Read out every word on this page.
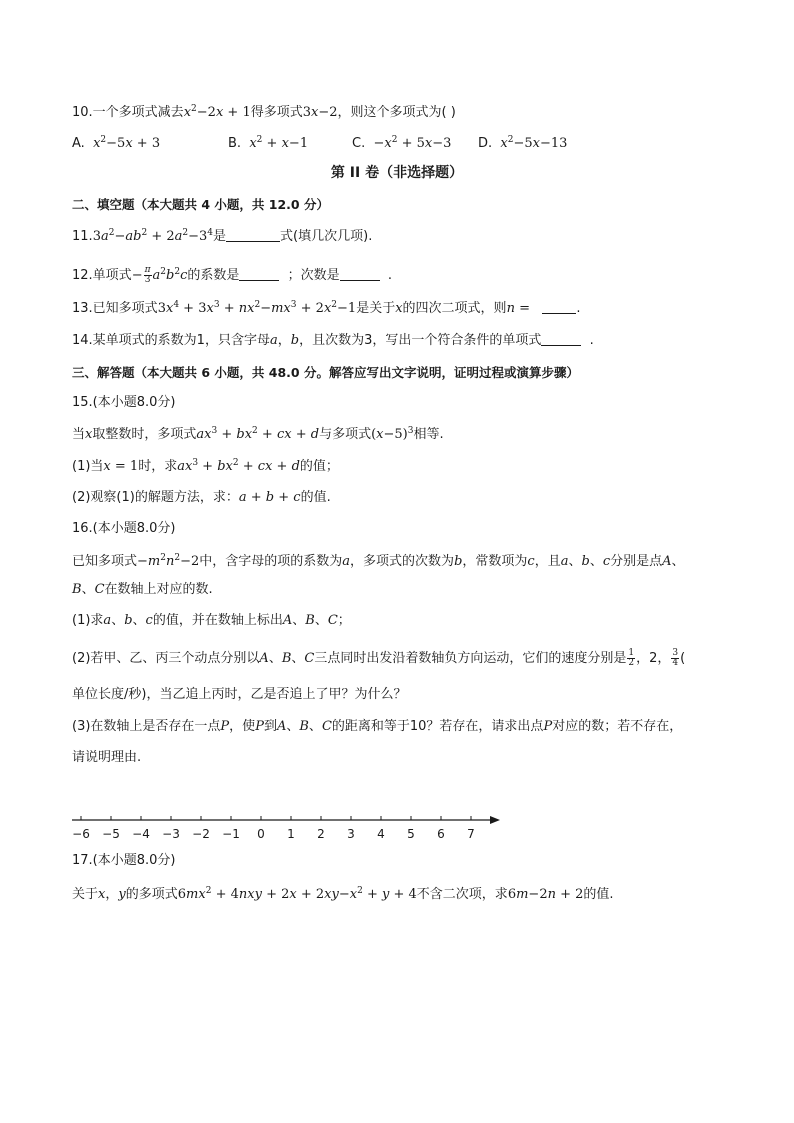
10.一个多项式减去$x^2-2x + 1$得多项式3x−2，则这个多项式为( )
A. $x^2-5x + 3$	B. $x^2 + x-1$	C. $-x^2 + 5x-3$ D. $x^2-5x-13$
第 II 卷（非选择题）
二、填空题（本大题共 4 小题，共 12.0 分）
$11.3a^2-ab^2 + 2a^2-3^4$是	式(填几次几项).
12.单项式− $\frac{\pi}{3} a^2b^2c$的系数是	；次数是	.
13.已知多项式$3x^4 + 3x^3 + nx^2-mx^3 + 2x^2-1$是关于x的四次二项式，则n =	.
14.某单项式的系数为1，只含字母a，b，且次数为3，写出一个符合条件的单项式	.
三、解答题（本大题共 6 小题，共 48.0 分。解答应写出文字说明，证明过程或演算步骤）
15.(本小题8.0分)
当x取整数时，多项式$ax^3 + bx^2$ + cx + d与多项式$(x-5)^3$相等.
(1)当x = 1时，求$ax^3 + bx^2$ + cx + d的值；
(2)观察(1)的解题方法，求：a + b + c的值.
16.(本小题8.0分)
已知多项式$-m^2n^2-2$中，含字母的项的系数为a，多项式的次数为b，常数项为c，且a、b、c分别是点A、
B、C在数轴上对应的数.
(1)求a、b、c的值，并在数轴上标出A、B、C；
(2)若甲、乙、丙三个动点分别以A、B、C三点同时出发沿着数轴负方向运动，它们的速度分别是 $\frac{1}{2}$ ，2， $\frac{3}{4}$ (
单位长度/秒)，当乙追上丙时，乙是否追上了甲？为什么？
(3)在数轴上是否存在一点P，使P到A、B、C的距离和等于10？若存在，请求出点P对应的数；若不存在，
请说明理由.
−6 −5 −4 −3 −2 −1 0 1 2 3 4 5 6 7
17.(本小题8.0分)
关于x，y的多项式$6mx^2 + 4nxy + 2x + 2xy-x^2 + y + 4$不含二次项，求6m−2n + 2的值.
